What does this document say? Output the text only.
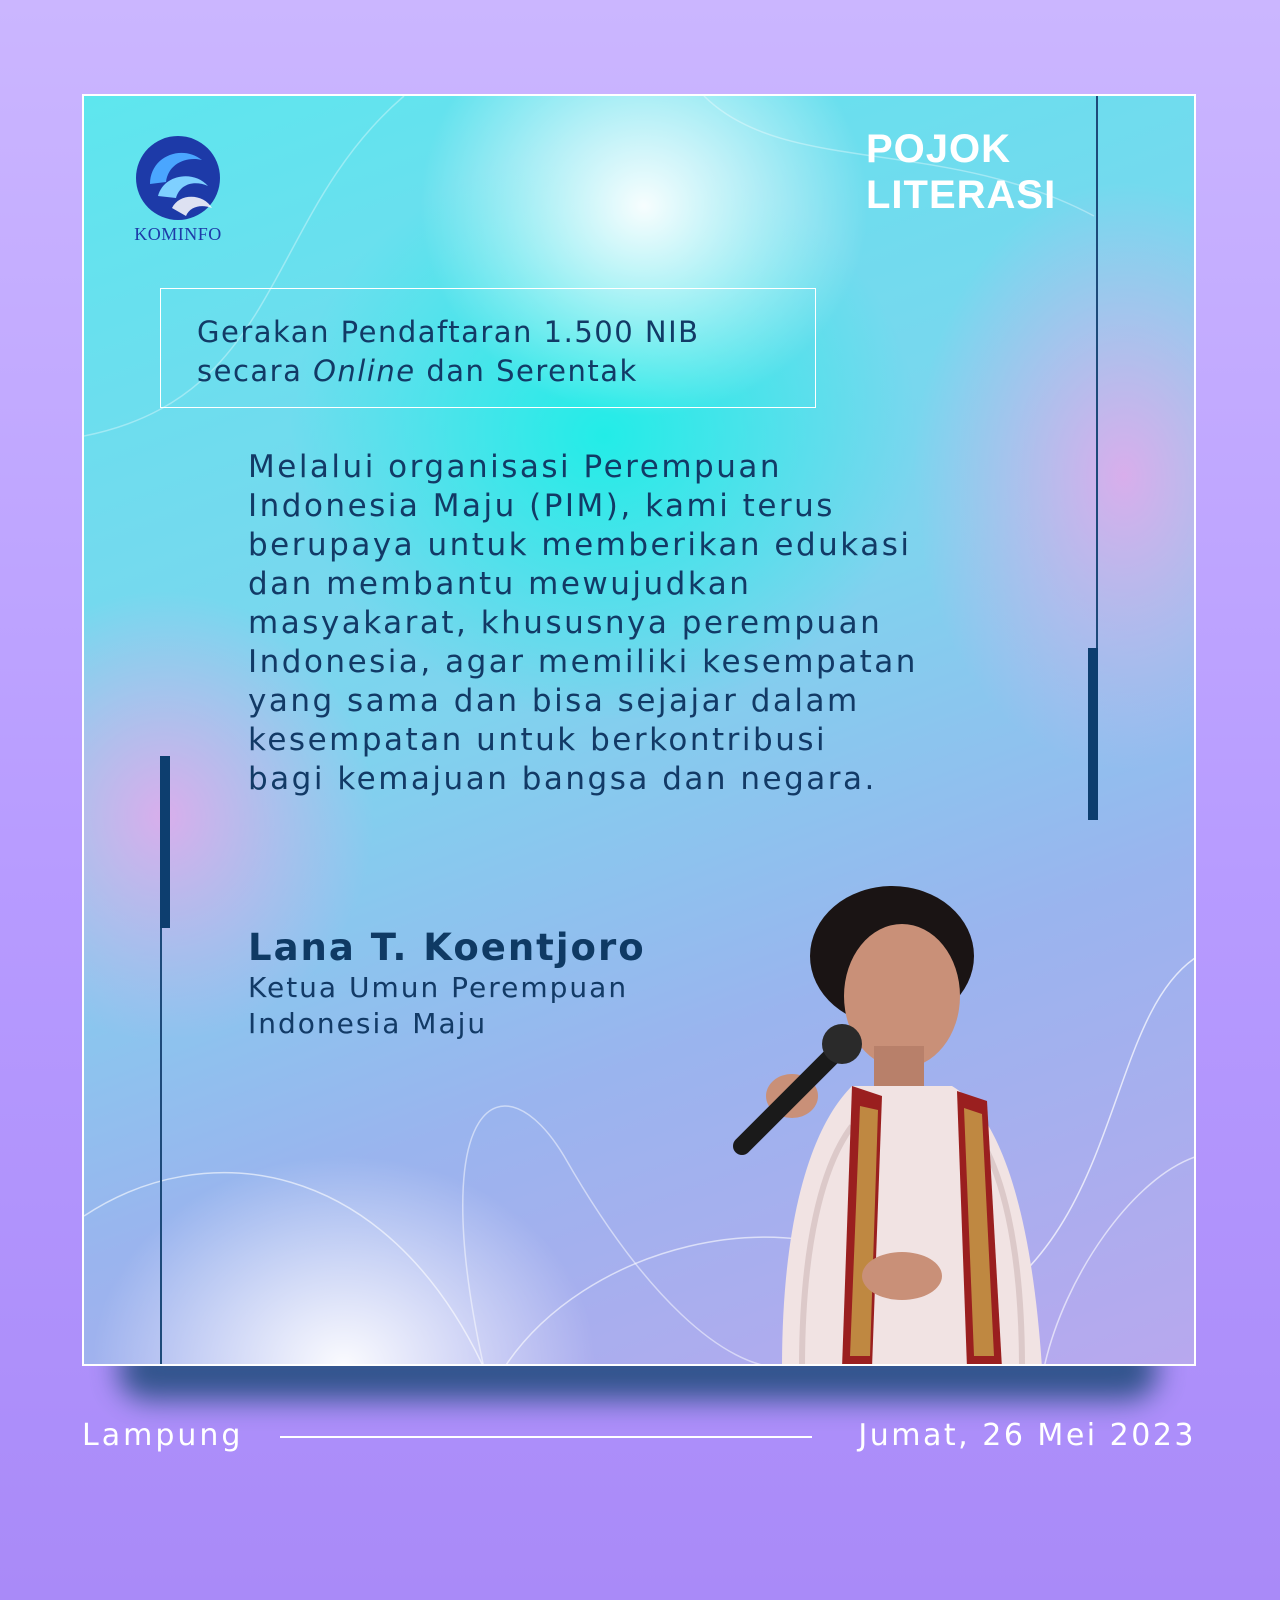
KOMINFO
POJOK
LITERASI
Gerakan Pendaftaran 1.500 NIB
secara Online dan Serentak
Melalui organisasi Perempuan
Indonesia Maju (PIM), kami terus
berupaya untuk memberikan edukasi
dan membantu mewujudkan
masyakarat, khususnya perempuan
Indonesia, agar memiliki kesempatan
yang sama dan bisa sejajar dalam
kesempatan untuk berkontribusi
bagi kemajuan bangsa dan negara.
Lana T. Koentjoro
Ketua Umun Perempuan
Indonesia Maju
Lampung	Jumat, 26 Mei 2023
